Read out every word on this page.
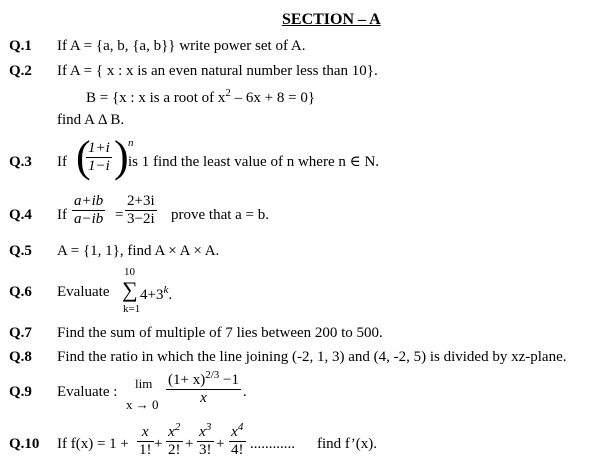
SECTION – A
Q.1 If A = {a, b, {a, b}} write power set of A.
Q.2 If A = { x : x is an even natural number less than 10}.
B = {x : x is a root of $x^2 - 6x + 8 = 0$}
find A Δ B.
Q.3 If (
$\frac{1+i}{1-i}$ ) n
is 1 find the least value of n where n ∈ N.
Q.4 If $\frac{a+ib}{a-ib} = \frac{2+3i}{3-2i}$ prove that a = b.
Q.5 A = {1, 1}, find A × A × A.
Q.6 Evaluate
10
∑ $4+3^k$.
k=1
Q.7 Find the sum of multiple of 7 lies between 200 to 500.
Q.8 Find the ratio in which the line joining (-2, 1, 3) and (4, -2, 5) is divided by xz-plane.
Q.9 Evaluate :
lim
$x \to 0 \frac{(1+ x)^{2/3} -1}{x}$ .
Q.10 If $f(x) = 1 + \frac{x}{1!} + \frac{x^2}{2!} + \frac{x^3}{3!} + \frac{x^4}{4!}$ ............ find f’(x).
